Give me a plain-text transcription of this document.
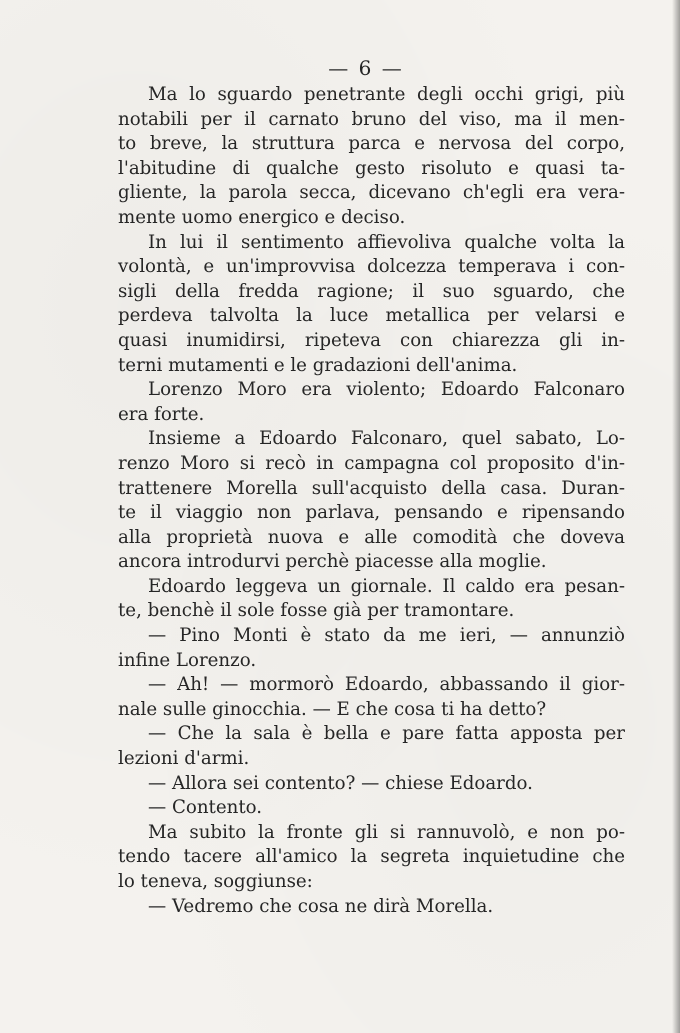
— 6 —
Ma lo sguardo penetrante degli occhi grigi, più
notabili per il carnato bruno del viso, ma il men-
to breve, la struttura parca e nervosa del corpo,
l'abitudine di qualche gesto risoluto e quasi ta-
gliente, la parola secca, dicevano ch'egli era vera-
mente uomo energico e deciso.
In lui il sentimento affievoliva qualche volta la
volontà, e un'improvvisa dolcezza temperava i con-
sigli della fredda ragione; il suo sguardo, che
perdeva talvolta la luce metallica per velarsi e
quasi inumidirsi, ripeteva con chiarezza gli in-
terni mutamenti e le gradazioni dell'anima.
Lorenzo Moro era violento; Edoardo Falconaro
era forte.
Insieme a Edoardo Falconaro, quel sabato, Lo-
renzo Moro si recò in campagna col proposito d'in-
trattenere Morella sull'acquisto della casa. Duran-
te il viaggio non parlava, pensando e ripensando
alla proprietà nuova e alle comodità che doveva
ancora introdurvi perchè piacesse alla moglie.
Edoardo leggeva un giornale. Il caldo era pesan-
te, benchè il sole fosse già per tramontare.
— Pino Monti è stato da me ieri, — annunziò
infine Lorenzo.
— Ah! — mormorò Edoardo, abbassando il gior-
nale sulle ginocchia. — E che cosa ti ha detto?
— Che la sala è bella e pare fatta apposta per
lezioni d'armi.
— Allora sei contento? — chiese Edoardo.
— Contento.
Ma subito la fronte gli si rannuvolò, e non po-
tendo tacere all'amico la segreta inquietudine che
lo teneva, soggiunse:
— Vedremo che cosa ne dirà Morella.
